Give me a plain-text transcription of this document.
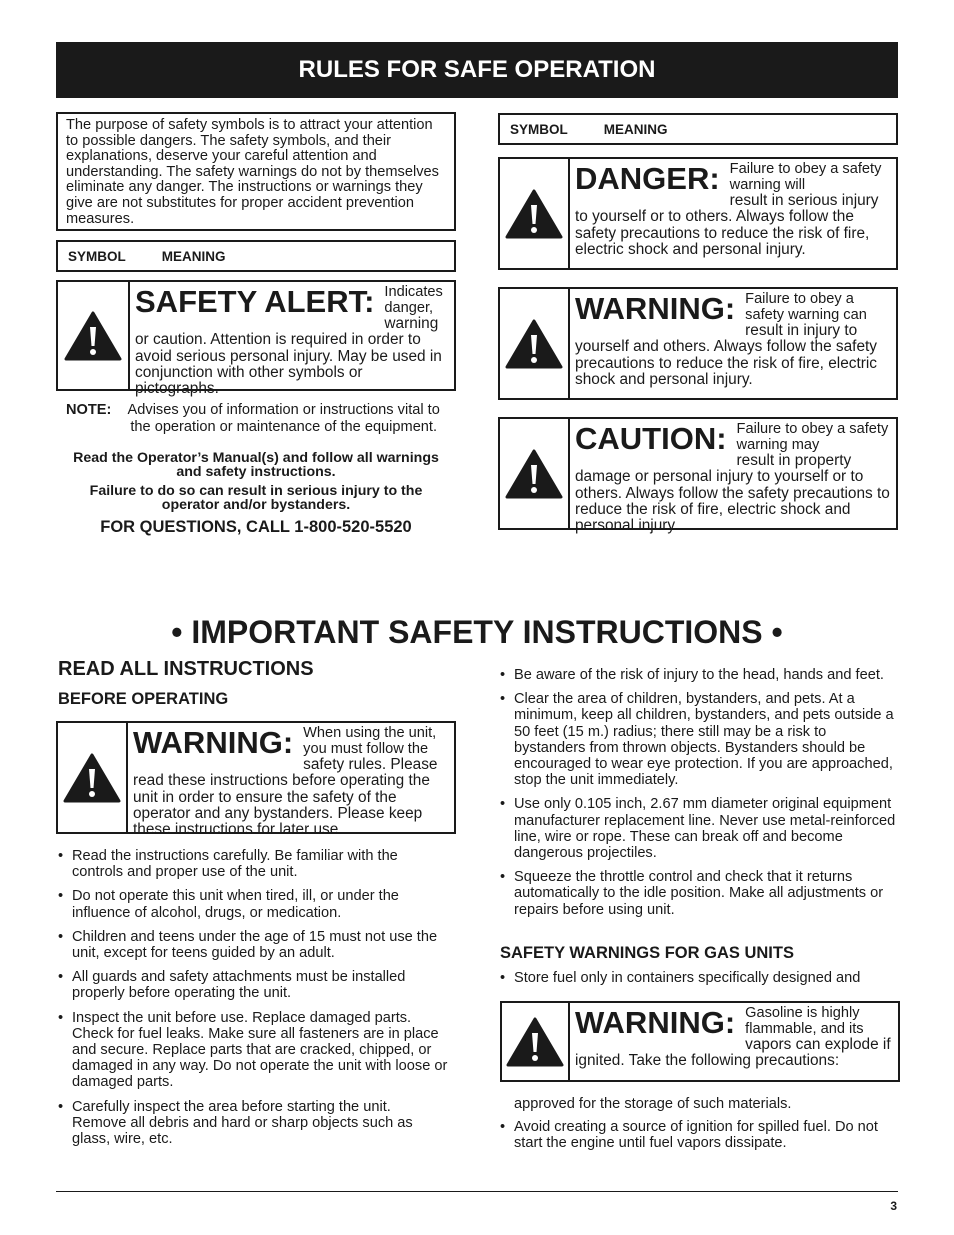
RULES FOR SAFE OPERATION
The purpose of safety symbols is to attract your attention to possible dangers. The safety symbols, and their explanations, deserve your careful attention and understanding. The safety warnings do not by themselves eliminate any danger. The instructions or warnings they give are not substitutes for proper accident prevention measures.
SYMBOL	MEANING
SAFETY ALERT: Indicates danger,
warning or caution. Attention is required in order to avoid serious personal injury. May be used in conjunction with other symbols or pictographs.
NOTE:	Advises you of information or instructions vital to the operation or maintenance of the equipment.
Read the Operator’s Manual(s) and follow all warnings and safety instructions.
Failure to do so can result in serious injury to the operator and/or bystanders.
FOR QUESTIONS, CALL 1-800-520-5520
SYMBOL	MEANING
DANGER: Failure to obey a safety warning will
result in serious injury to yourself or to others. Always follow the safety precautions to reduce the risk of fire, electric shock and personal injury.
WARNING: Failure to obey a safety warning can
result in injury to yourself and others. Always follow the safety precautions to reduce the risk of fire, electric shock and personal injury.
CAUTION: Failure to obey a safety warning may
result in property damage or personal injury to yourself or to others. Always follow the safety precautions to reduce the risk of fire, electric shock and personal injury.
• IMPORTANT SAFETY INSTRUCTIONS •
READ ALL INSTRUCTIONS
BEFORE OPERATING
WARNING: When using the unit, you must follow the
safety rules. Please read these instructions before operating the unit in order to ensure the safety of the operator and any bystanders. Please keep these instructions for later use.
• Read the instructions carefully. Be familiar with the controls and proper use of the unit.
• Do not operate this unit when tired, ill, or under the influence of alcohol, drugs, or medication.
• Children and teens under the age of 15 must not use the unit, except for teens guided by an adult.
• All guards and safety attachments must be installed properly before operating the unit.
• Inspect the unit before use. Replace damaged parts. Check for fuel leaks. Make sure all fasteners are in place and secure. Replace parts that are cracked, chipped, or damaged in any way. Do not operate the unit with loose or damaged parts.
• Carefully inspect the area before starting the unit. Remove all debris and hard or sharp objects such as glass, wire, etc.
• Be aware of the risk of injury to the head, hands and feet.
• Clear the area of children, bystanders, and pets. At a minimum, keep all children, bystanders, and pets outside a 50 feet (15 m.) radius; there still may be a risk to bystanders from thrown objects. Bystanders should be encouraged to wear eye protection. If you are approached, stop the unit immediately.
• Use only 0.105 inch, 2.67 mm diameter original equipment manufacturer replacement line. Never use metal-reinforced line, wire or rope. These can break off and become dangerous projectiles.
• Squeeze the throttle control and check that it returns automatically to the idle position. Make all adjustments or repairs before using unit.
SAFETY WARNINGS FOR GAS UNITS
• Store fuel only in containers specifically designed and
WARNING: Gasoline is highly flammable, and its
vapors can explode if ignited. Take the following precautions:
approved for the storage of such materials.
• Avoid creating a source of ignition for spilled fuel. Do not start the engine until fuel vapors dissipate.
3
